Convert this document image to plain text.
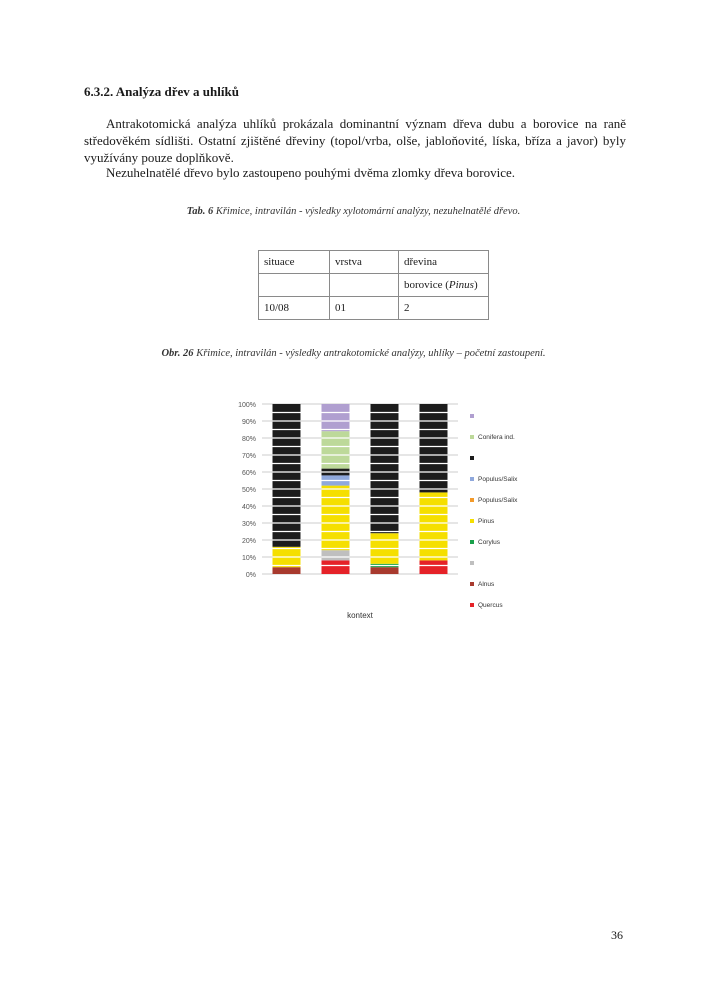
6.3.2. Analýza dřev a uhlíků

Antrakotomická analýza uhlíků prokázala dominantní význam dřeva dubu a borovice na raně středověkém sídlišti. Ostatní zjištěné dřeviny (topol/vrba, olše, jabloňovité, líska, bříza a javor) byly využívány pouze doplňkově.

Nezuhelnatělé dřevo bylo zastoupeno pouhými dvěma zlomky dřeva borovice.

Tab. 6 Křimice, intravilán - výsledky xylotomární analýzy, nezuhelnatělé dřevo.
situace	vrstva	dřevina
		borovice (Pinus)
10/08	01	2
Obr. 26 Křimice, intravilán - výsledky antrakotomické analýzy, uhlíky – početní zastoupení.
0%
10%
20%
30%
40%
50%
60%
70%
80%
90%
100%
kontext
Conifera ind.
Populus/Salix
Populus/Salix
Pinus
Corylus
Alnus
Quercus
36
